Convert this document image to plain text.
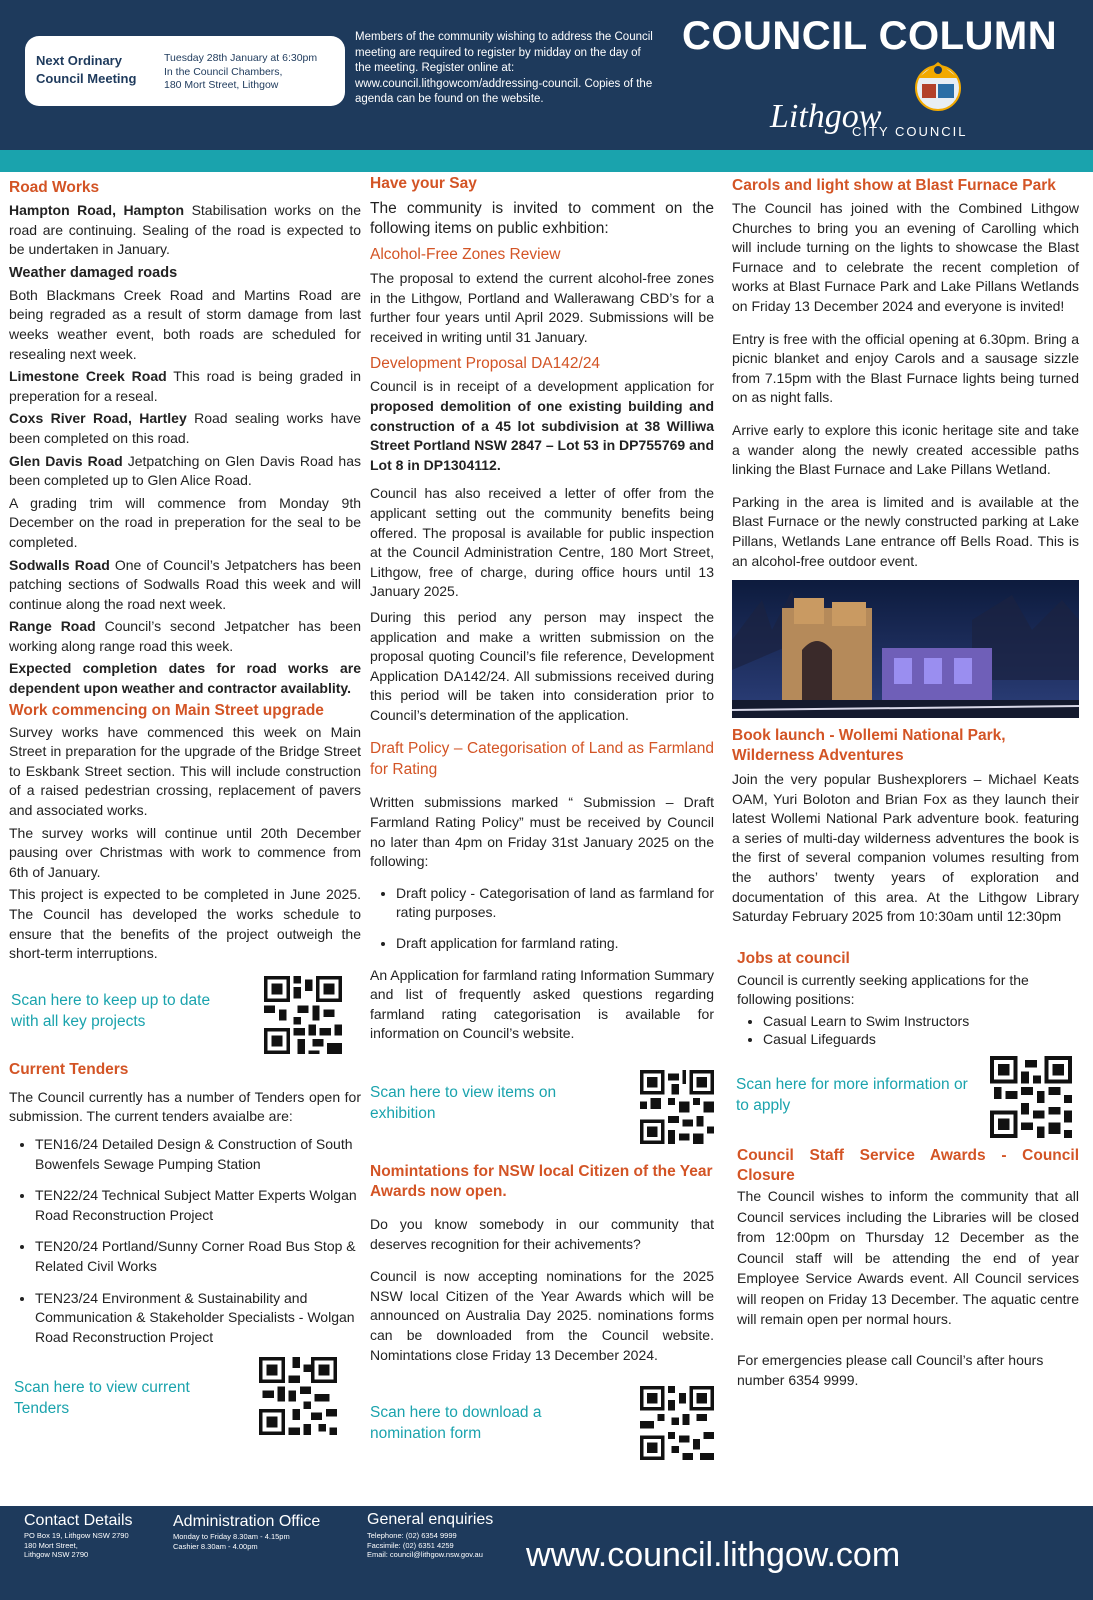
Next Ordinary Council Meeting
Tuesday 28th January at 6:30pm
In the Council Chambers,
180 Mort Street, Lithgow
Members of the community wishing to address the Council meeting are required to register by midday on the day of the meeting. Register online at: www.council.lithgowcom/addressing-council. Copies of the agenda can be found on the website.
COUNCIL COLUMN
Lithgow
CITY COUNCIL
Road Works

Hampton Road, Hampton Stabilisation works on the road are continuing. Sealing of the road is expected to be undertaken in January.

Weather damaged roads

Both Blackmans Creek Road and Martins Road are being regraded as a result of storm damage from last weeks weather event, both roads are scheduled for resealing next week.

Limestone Creek Road This road is being graded in preperation for a reseal.

Coxs River Road, Hartley Road sealing works have been completed on this road.

Glen Davis Road Jetpatching on Glen Davis Road has been completed up to Glen Alice Road.

A grading trim will commence from Monday 9th December on the road in preperation for the seal to be completed.

Sodwalls Road One of Council’s Jetpatchers has been patching sections of Sodwalls Road this week and will continue along the road next week.

Range Road Council’s second Jetpatcher has been working along range road this week.

Expected completion dates for road works are dependent upon weather and contractor availablity.

Work commencing on Main Street upgrade

Survey works have commenced this week on Main Street in preparation for the upgrade of the Bridge Street to Eskbank Street section. This will include construction of a raised pedestrian crossing, replacement of pavers and associated works.

The survey works will continue until 20th December pausing over Christmas with work to commence from 6th of January.

This project is expected to be completed in June 2025. The Council has developed the works schedule to ensure that the benefits of the project outweigh the short-term interruptions.

Scan here to keep up to date with all key projects
Current Tenders

The Council currently has a number of Tenders open for submission. The current tenders avaialbe are:

• TEN16/24 Detailed Design & Construction of South Bowenfels Sewage Pumping Station
• TEN22/24 Technical Subject Matter Experts Wolgan Road Reconstruction Project
• TEN20/24 Portland/Sunny Corner Road Bus Stop & Related Civil Works
• TEN23/24 Environment & Sustainability and Communication & Stakeholder Specialists - Wolgan Road Reconstruction Project
Scan here to view current Tenders
Have your Say

The community is invited to comment on the following items on public exhbition:

Alcohol-Free Zones Review

The proposal to extend the current alcohol-free zones in the Lithgow, Portland and Wallerawang CBD’s for a further four years until April 2029. Submissions will be received in writing until 31 January.

Development Proposal DA142/24

Council is in receipt of a development application for proposed demolition of one existing building and construction of a 45 lot subdivision at 38 Williwa Street Portland NSW 2847 – Lot 53 in DP755769 and Lot 8 in DP1304112.

Council has also received a letter of offer from the applicant setting out the community benefits being offered. The proposal is available for public inspection at the Council Administration Centre, 180 Mort Street, Lithgow, free of charge, during office hours until 13 January 2025.

During this period any person may inspect the application and make a written submission on the proposal quoting Council’s file reference, Development Application DA142/24. All submissions received during this period will be taken into consideration prior to Council’s determination of the application.

Draft Policy – Categorisation of Land as Farmland for Rating

Written submissions marked “ Submission – Draft Farmland Rating Policy” must be received by Council no later than 4pm on Friday 31st January 2025 on the following:

• Draft policy - Categorisation of land as farmland for rating purposes.
• Draft application for farmland rating.

An Application for farmland rating Information Summary and list of frequently asked questions regarding farmland rating categorisation is available for information on Council’s website.

Scan here to view items on exhibition
Nomintations for NSW local Citizen of the Year Awards now open.

Do you know somebody in our community that deserves recognition for their achivements?

Council is now accepting nominations for the 2025 NSW local Citizen of the Year Awards which will be announced on Australia Day 2025. nominations forms can be downloaded from the Council website. Nomintations close Friday 13 December 2024.

Scan here to download a nomination form
Carols and light show at Blast Furnace Park

The Council has joined with the Combined Lithgow Churches to bring you an evening of Carolling which will include turning on the lights to showcase the Blast Furnace and to celebrate the recent completion of works at Blast Furnace Park and Lake Pillans Wetlands on Friday 13 December 2024 and everyone is invited!

Entry is free with the official opening at 6.30pm. Bring a picnic blanket and enjoy Carols and a sausage sizzle from 7.15pm with the Blast Furnace lights being turned on as night falls.

Arrive early to explore this iconic heritage site and take a wander along the newly created accessible paths linking the Blast Furnace and Lake Pillans Wetland.

Parking in the area is limited and is available at the Blast Furnace or the newly constructed parking at Lake Pillans, Wetlands Lane entrance off Bells Road. This is an alcohol-free outdoor event.

Book launch - Wollemi National Park, Wilderness Adventures

Join the very popular Bushexplorers – Michael Keats OAM, Yuri Boloton and Brian Fox as they launch their latest Wollemi National Park adventure book. featuring a series of multi-day wilderness adventures the book is the first of several companion volumes resulting from the authors’ twenty years of exploration and documentation of this area. At the Lithgow Library Saturday February 2025 from 10:30am until 12:30pm

Jobs at council

Council is currently seeking applications for the following positions:

• Casual Learn to Swim Instructors
• Casual Lifeguards
Scan here for more information or to apply
Council Staff Service Awards - Council Closure

The Council wishes to inform the community that all Council services including the Libraries will be closed from 12:00pm on Thursday 12 December as the Council staff will be attending the end of year Employee Service Awards event. All Council services will reopen on Friday 13 December. The aquatic centre will remain open per normal hours.

For emergencies please call Council’s after hours number 6354 9999.

Contact Details
PO Box 19, Lithgow NSW 2790
180 Mort Street,
Lithgow NSW 2790
Administration Office
Monday to Friday 8.30am - 4.15pm
Cashier 8.30am - 4.00pm
General enquiries
Telephone: (02) 6354 9999
Facsimile: (02) 6351 4259
Email: council@lithgow.nsw.gov.au www.council.lithgow.com
